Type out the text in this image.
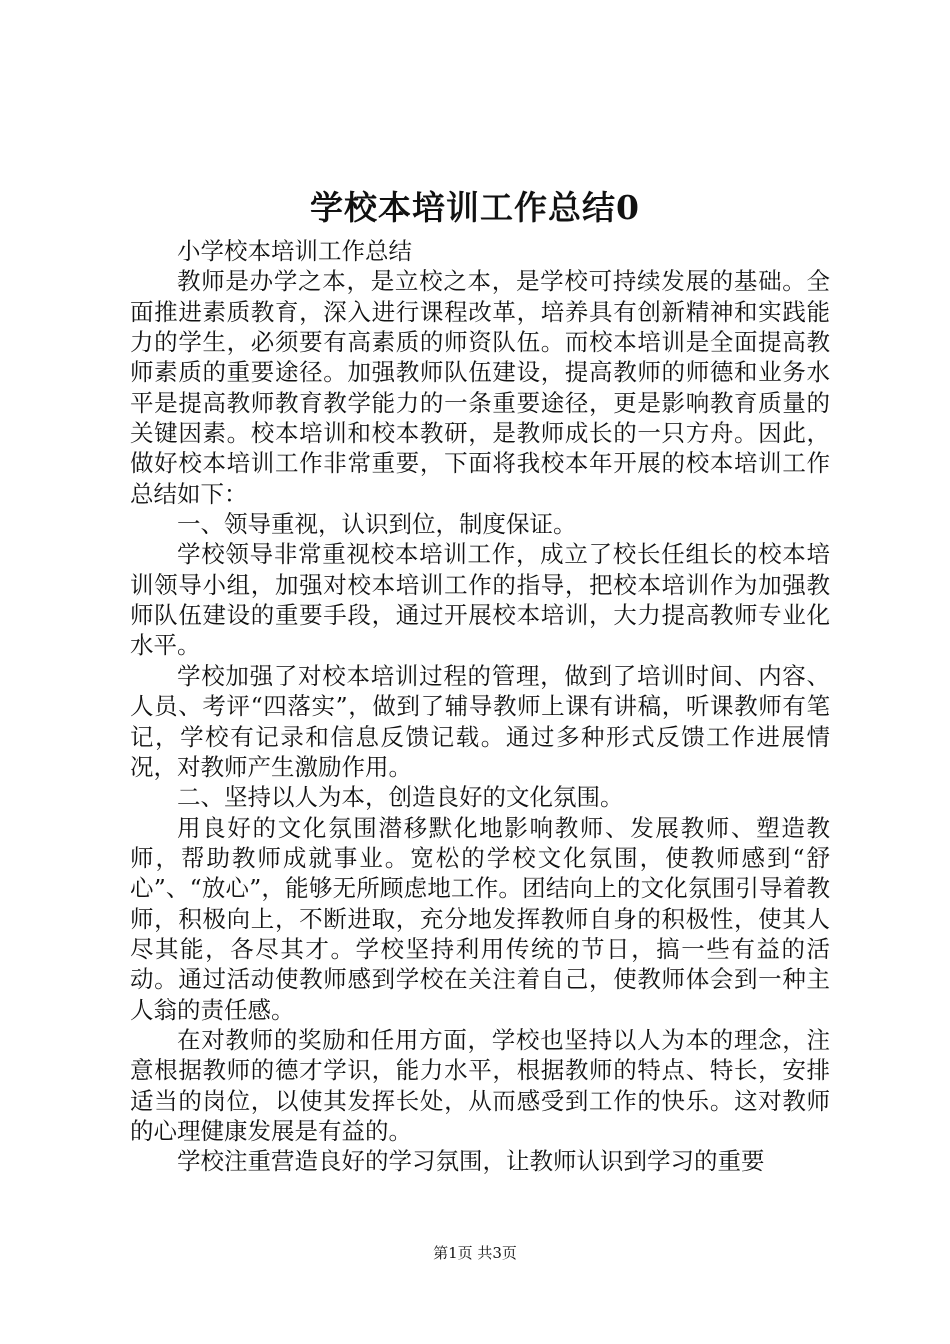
学校本培训工作总结0

小学校本培训工作总结

教师是办学之本，是立校之本，是学校可持续发展的基础。全面推进素质教育，深入进行课程改革，培养具有创新精神和实践能力的学生，必须要有高素质的师资队伍。而校本培训是全面提高教师素质的重要途径。加强教师队伍建设，提高教师的师德和业务水平是提高教师教育教学能力的一条重要途径，更是影响教育质量的关键因素。校本培训和校本教研，是教师成长的一只方舟。因此，做好校本培训工作非常重要，下面将我校本年开展的校本培训工作总结如下：

一、领导重视，认识到位，制度保证。

学校领导非常重视校本培训工作，成立了校长任组长的校本培训领导小组，加强对校本培训工作的指导，把校本培训作为加强教师队伍建设的重要手段，通过开展校本培训，大力提高教师专业化水平。

学校加强了对校本培训过程的管理，做到了培训时间、内容、人员、考评“四落实”，做到了辅导教师上课有讲稿，听课教师有笔记，学校有记录和信息反馈记载。通过多种形式反馈工作进展情况，对教师产生激励作用。

二、坚持以人为本，创造良好的文化氛围。

用良好的文化氛围潜移默化地影响教师、发展教师、塑造教师，帮助教师成就事业。宽松的学校文化氛围，使教师感到“舒心”、“放心”，能够无所顾虑地工作。团结向上的文化氛围引导着教师，积极向上，不断进取，充分地发挥教师自身的积极性，使其人尽其能，各尽其才。学校坚持利用传统的节日，搞一些有益的活动。通过活动使教师感到学校在关注着自己，使教师体会到一种主人翁的责任感。

在对教师的奖励和任用方面，学校也坚持以人为本的理念，注意根据教师的德才学识，能力水平，根据教师的特点、特长，安排适当的岗位，以使其发挥长处，从而感受到工作的快乐。这对教师的心理健康发展是有益的。

学校注重营造良好的学习氛围，让教师认识到学习的重要

第1页 共3页
